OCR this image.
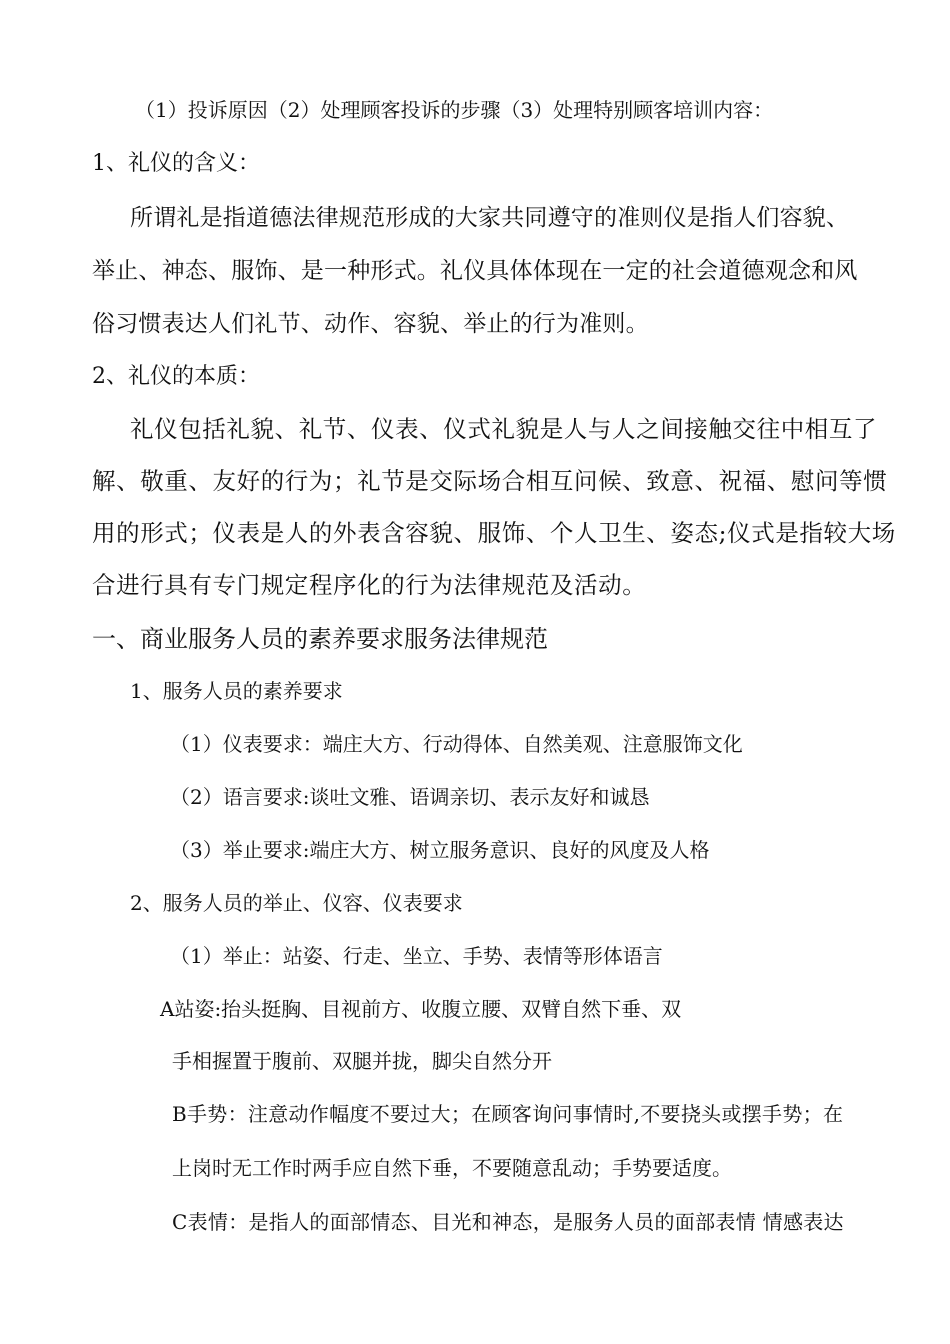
（1）投诉原因（2）处理顾客投诉的步骤（3）处理特别顾客培训内容：
1、礼仪的含义：
所谓礼是指道德法律规范形成的大家共同遵守的准则仪是指人们容貌、
举止、神态、服饰、是一种形式。礼仪具体体现在一定的社会道德观念和风
俗习惯表达人们礼节、动作、容貌、举止的行为准则。
2、礼仪的本质：
礼仪包括礼貌、礼节、仪表、仪式礼貌是人与人之间接触交往中相互了
解、敬重、友好的行为；礼节是交际场合相互问候、致意、祝福、慰问等惯
用的形式；仪表是人的外表含容貌、服饰、个人卫生、姿态;仪式是指较大场
合进行具有专门规定程序化的行为法律规范及活动。
一、商业服务人员的素养要求服务法律规范
1、服务人员的素养要求
（1）仪表要求：端庄大方、行动得体、自然美观、注意服饰文化
（2）语言要求:谈吐文雅、语调亲切、表示友好和诚恳
（3）举止要求:端庄大方、树立服务意识、良好的风度及人格
2、服务人员的举止、仪容、仪表要求
（1）举止：站姿、行走、坐立、手势、表情等形体语言
A站姿:抬头挺胸、目视前方、收腹立腰、双臂自然下垂、双
手相握置于腹前、双腿并拢，脚尖自然分开
B手势：注意动作幅度不要过大；在顾客询问事情时,不要挠头或摆手势；在
上岗时无工作时两手应自然下垂，不要随意乱动；手势要适度。
C表情：是指人的面部情态、目光和神态，是服务人员的面部表情 情感表达
